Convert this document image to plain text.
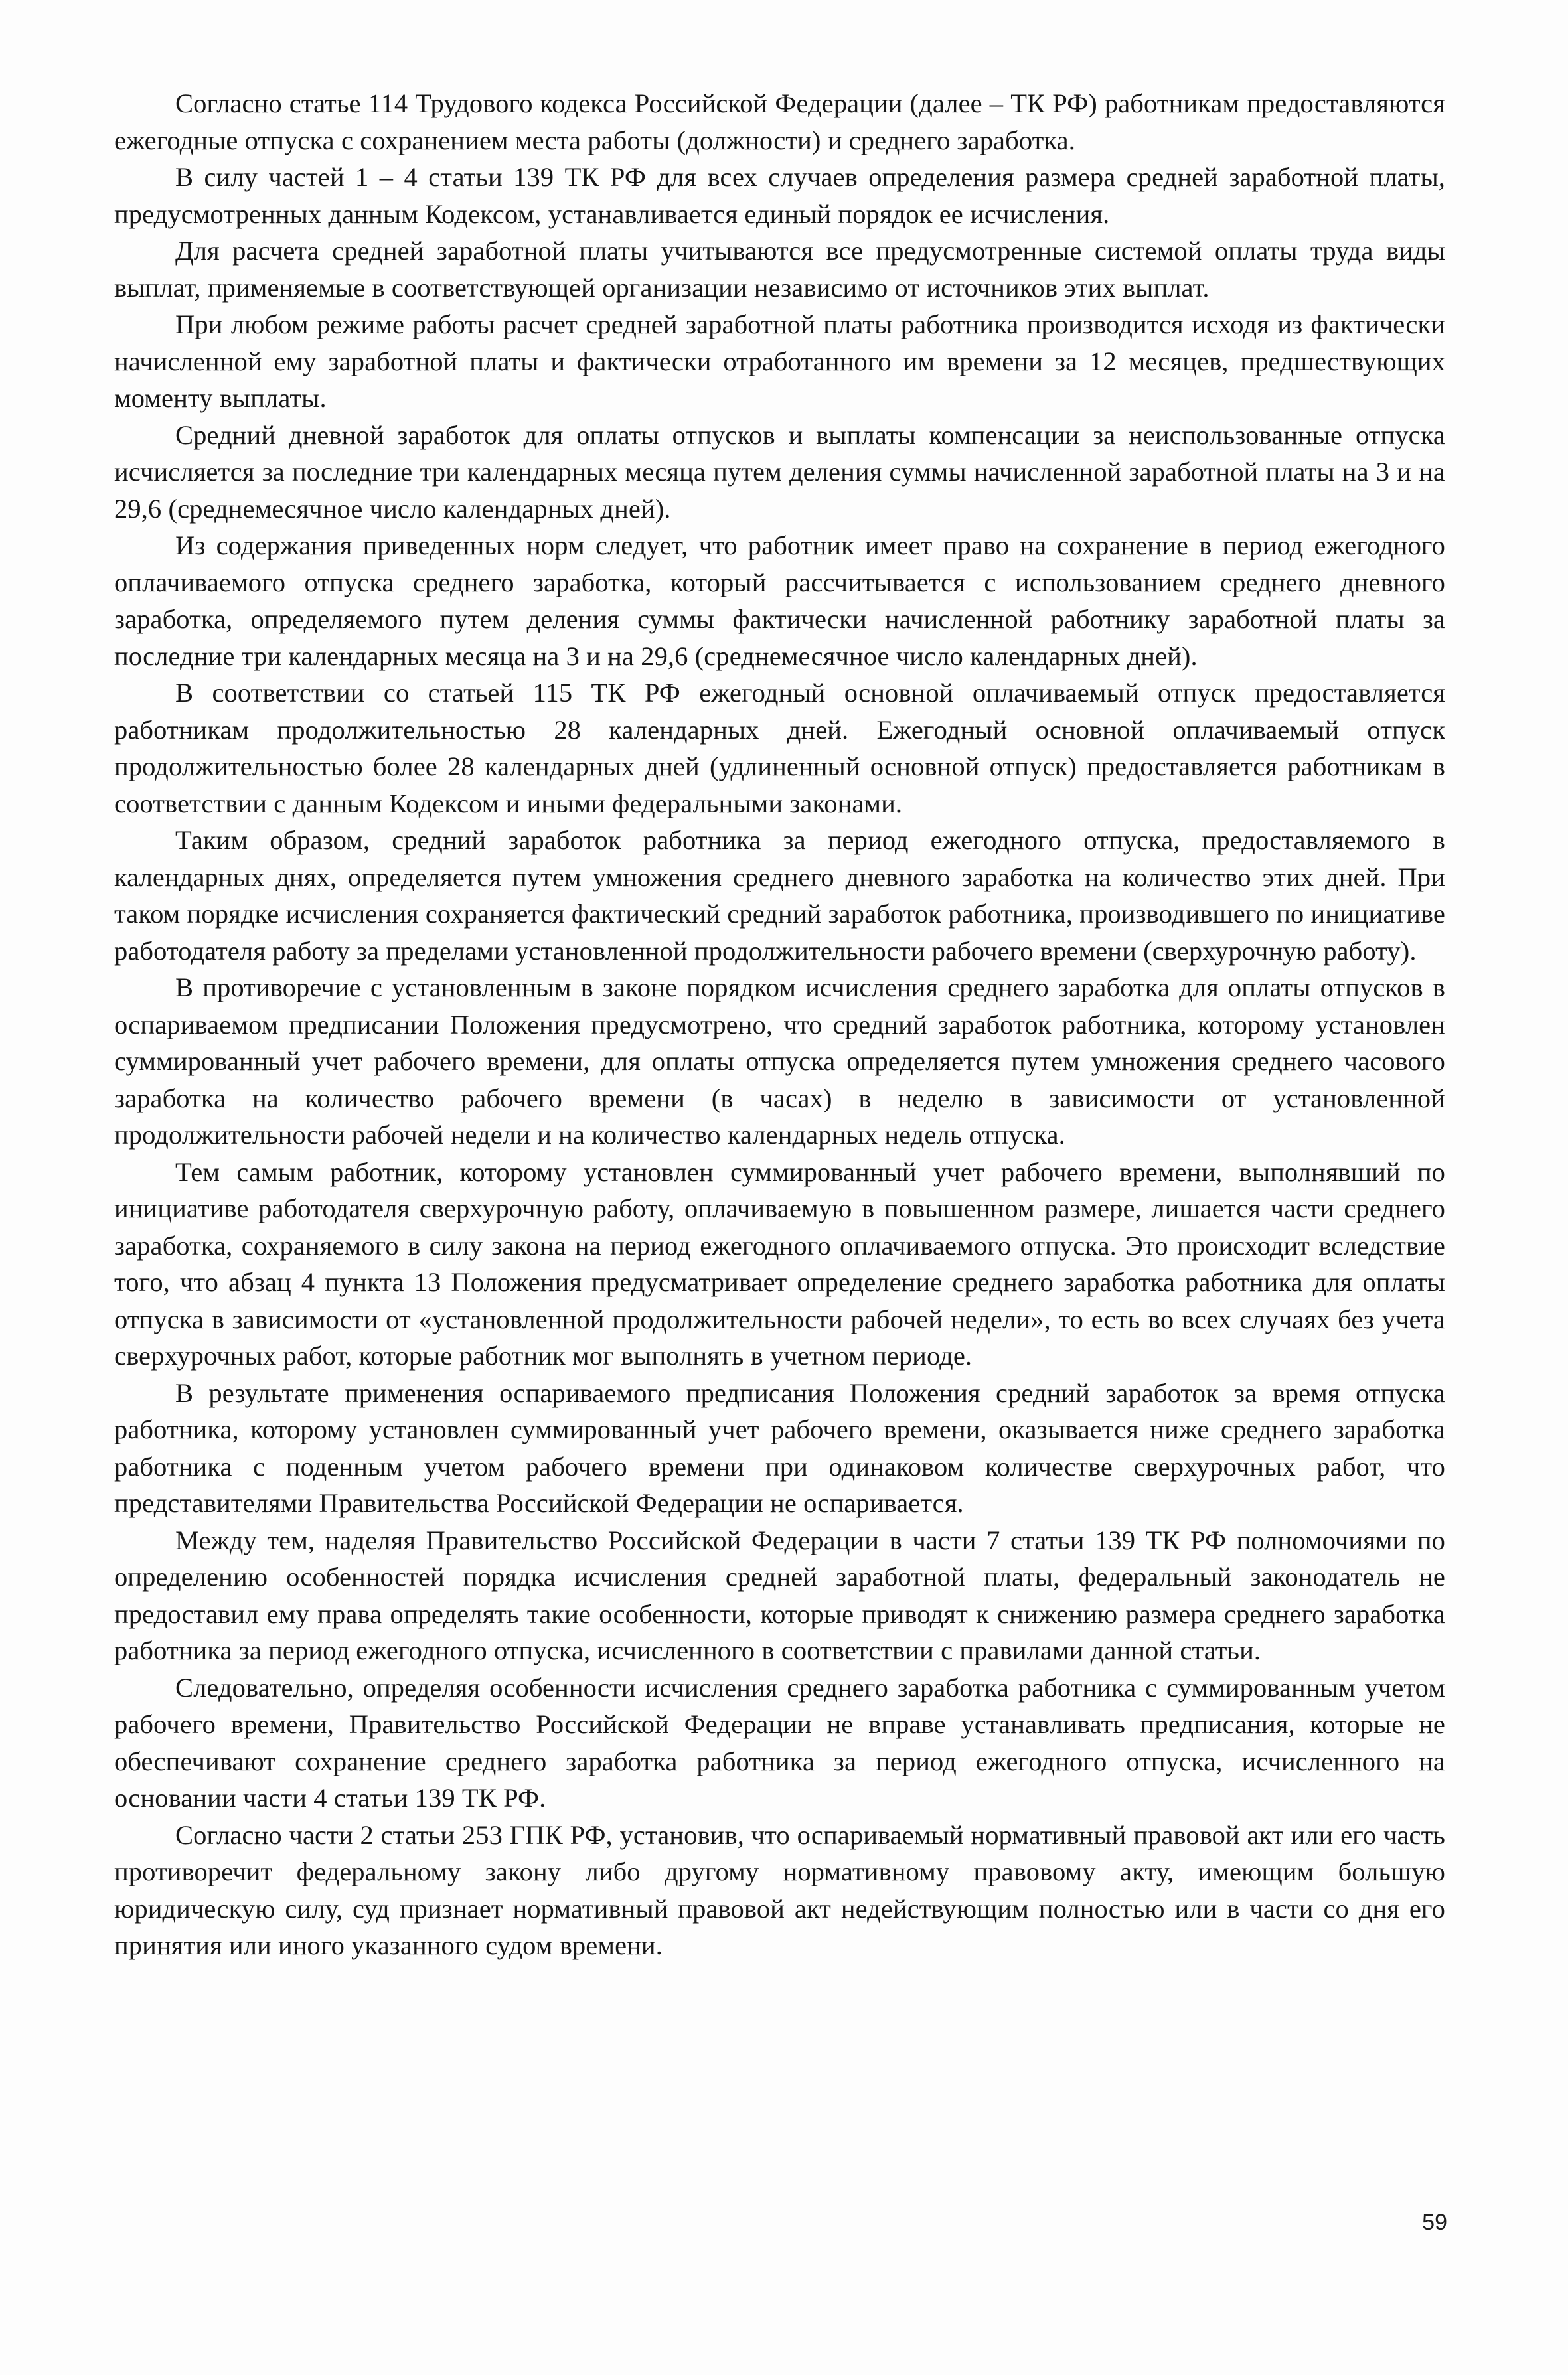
Согласно статье 114 Трудового кодекса Российской Федерации (далее – ТК РФ) работникам предоставляются ежегодные отпуска с сохранением места работы (должности) и среднего заработка.

В силу частей 1 – 4 статьи 139 ТК РФ для всех случаев определения размера средней заработной платы, предусмотренных данным Кодексом, устанавливается единый порядок ее исчисления.

Для расчета средней заработной платы учитываются все предусмотренные системой оплаты труда виды выплат, применяемые в соответствующей организации независимо от источников этих выплат.

При любом режиме работы расчет средней заработной платы работника производится исходя из фактически начисленной ему заработной платы и фактически отработанного им времени за 12 месяцев, предшествующих моменту выплаты.

Средний дневной заработок для оплаты отпусков и выплаты компенсации за неиспользованные отпуска исчисляется за последние три календарных месяца путем деления суммы начисленной заработной платы на 3 и на 29,6 (среднемесячное число календарных дней).

Из содержания приведенных норм следует, что работник имеет право на сохранение в период ежегодного оплачиваемого отпуска среднего заработка, который рассчитывается с использованием среднего дневного заработка, определяемого путем деления суммы фактически начисленной работнику заработной платы за последние три календарных месяца на 3 и на 29,6 (среднемесячное число календарных дней).

В соответствии со статьей 115 ТК РФ ежегодный основной оплачиваемый отпуск предоставляется работникам продолжительностью 28 календарных дней. Ежегодный основной оплачиваемый отпуск продолжительностью более 28 календарных дней (удлиненный основной отпуск) предоставляется работникам в соответствии с данным Кодексом и иными федеральными законами.

Таким образом, средний заработок работника за период ежегодного отпуска, предоставляемого в календарных днях, определяется путем умножения среднего дневного заработка на количество этих дней. При таком порядке исчисления сохраняется фактический средний заработок работника, производившего по инициативе работодателя работу за пределами установленной продолжительности рабочего времени (сверхурочную работу).

В противоречие с установленным в законе порядком исчисления среднего заработка для оплаты отпусков в оспариваемом предписании Положения предусмотрено, что средний заработок работника, которому установлен суммированный учет рабочего времени, для оплаты отпуска определяется путем умножения среднего часового заработка на количество рабочего времени (в часах) в неделю в зависимости от установленной продолжительности рабочей недели и на количество календарных недель отпуска.

Тем самым работник, которому установлен суммированный учет рабочего времени, выполнявший по инициативе работодателя сверхурочную работу, оплачиваемую в повышенном размере, лишается части среднего заработка, сохраняемого в силу закона на период ежегодного оплачиваемого отпуска. Это происходит вследствие того, что абзац 4 пункта 13 Положения предусматривает определение среднего заработка работника для оплаты отпуска в зависимости от «установленной продолжительности рабочей недели», то есть во всех случаях без учета сверхурочных работ, которые работник мог выполнять в учетном периоде.

В результате применения оспариваемого предписания Положения средний заработок за время отпуска работника, которому установлен суммированный учет рабочего времени, оказывается ниже среднего заработка работника с поденным учетом рабочего времени при одинаковом количестве сверхурочных работ, что представителями Правительства Российской Федерации не оспаривается.

Между тем, наделяя Правительство Российской Федерации в части 7 статьи 139 ТК РФ полномочиями по определению особенностей порядка исчисления средней заработной платы, федеральный законодатель не предоставил ему права определять такие особенности, которые приводят к снижению размера среднего заработка работника за период ежегодного отпуска, исчисленного в соответствии с правилами данной статьи.

Следовательно, определяя особенности исчисления среднего заработка работника с суммированным учетом рабочего времени, Правительство Российской Федерации не вправе устанавливать предписания, которые не обеспечивают сохранение среднего заработка работника за период ежегодного отпуска, исчисленного на основании части 4 статьи 139 ТК РФ.

Согласно части 2 статьи 253 ГПК РФ, установив, что оспариваемый нормативный правовой акт или его часть противоречит федеральному закону либо другому нормативному правовому акту, имеющим большую юридическую силу, суд признает нормативный правовой акт недействующим полностью или в части со дня его принятия или иного указанного судом времени.

59
